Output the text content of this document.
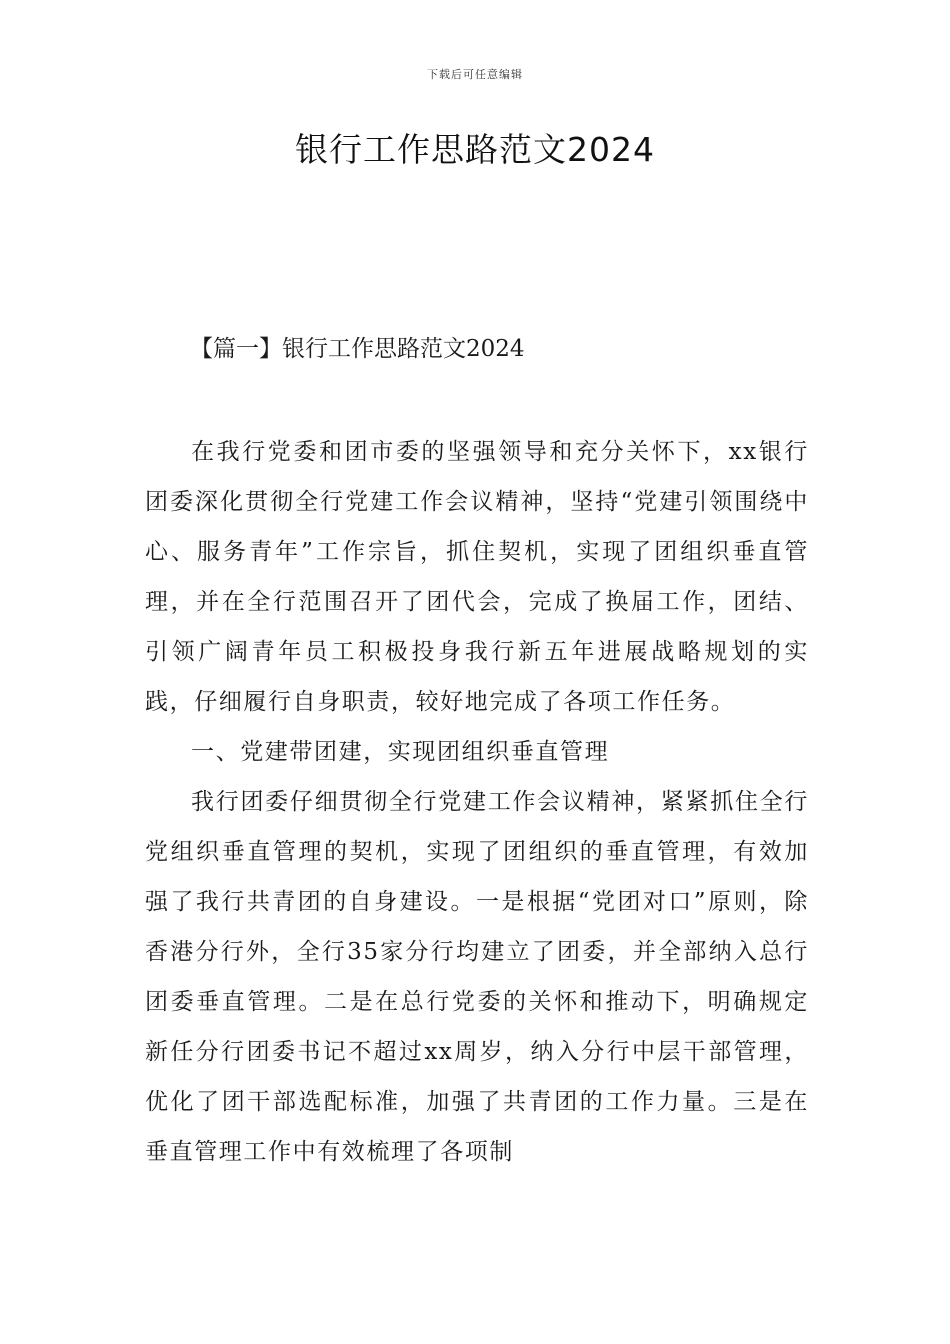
下载后可任意编辑
银行工作思路范文2024
【篇一】银行工作思路范文2024

在我行党委和团市委的坚强领导和充分关怀下，xx银行团委深化贯彻全行党建工作会议精神，坚持“党建引领围绕中心、服务青年”工作宗旨，抓住契机，实现了团组织垂直管理，并在全行范围召开了团代会，完成了换届工作，团结、引领广阔青年员工积极投身我行新五年进展战略规划的实践，仔细履行自身职责，较好地完成了各项工作任务。

一、党建带团建，实现团组织垂直管理

我行团委仔细贯彻全行党建工作会议精神，紧紧抓住全行党组织垂直管理的契机，实现了团组织的垂直管理，有效加强了我行共青团的自身建设。一是根据“党团对口”原则，除香港分行外，全行35家分行均建立了团委，并全部纳入总行团委垂直管理。二是在总行党委的关怀和推动下，明确规定新任分行团委书记不超过xx周岁，纳入分行中层干部管理，优化了团干部选配标准，加强了共青团的工作力量。三是在垂直管理工作中有效梳理了各项制
